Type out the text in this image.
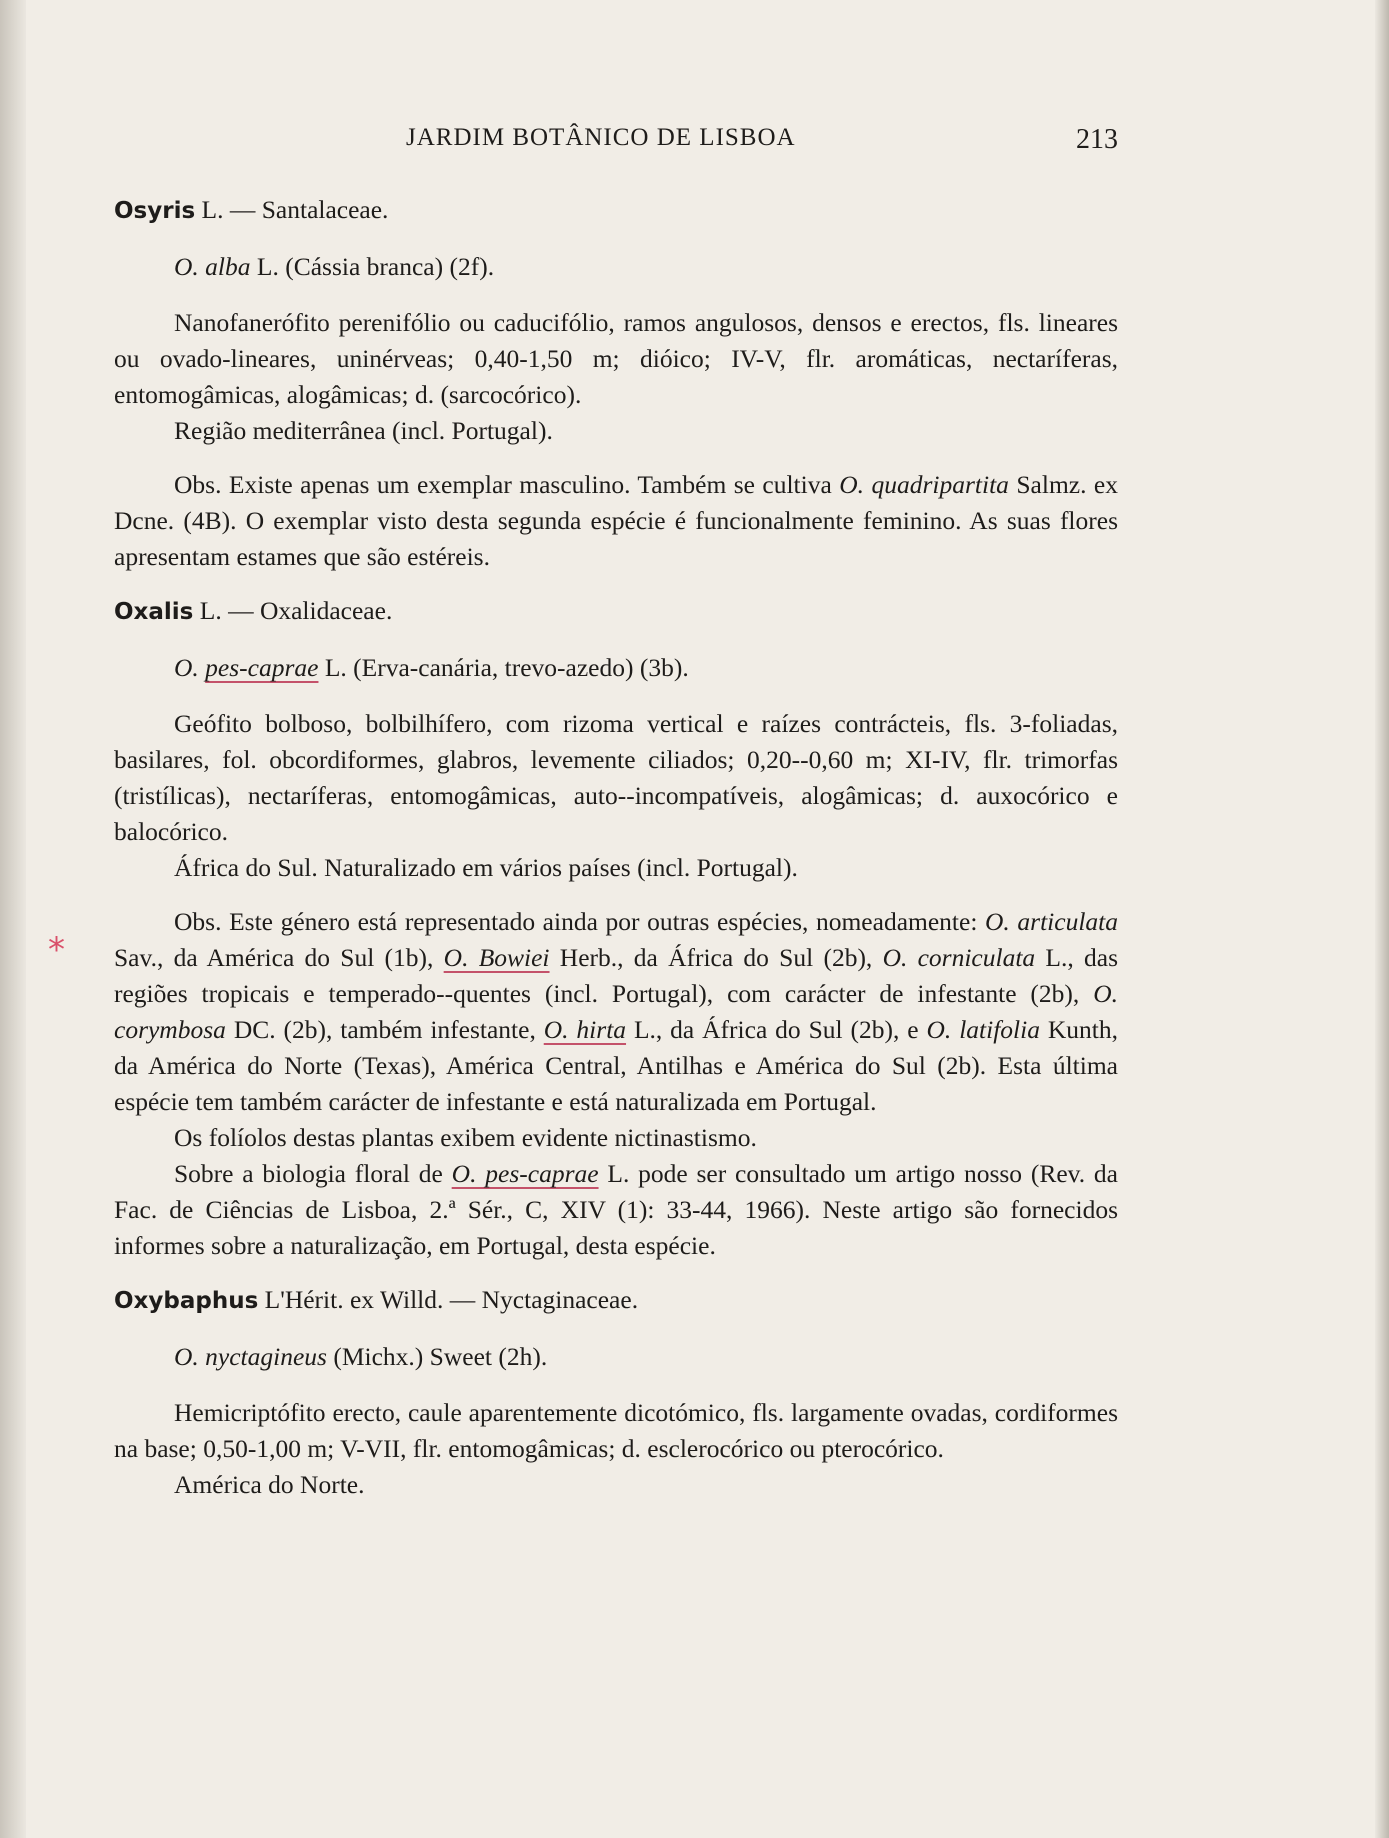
*
JARDIM BOTÂNICO DE LISBOA	213

Osyris L. — Santalaceae.

O. alba L. (Cássia branca) (2f).

Nanofanerófito perenifólio ou caducifólio, ramos angulosos, densos e erectos, fls. lineares ou ovado-lineares, uninérveas; 0,40-1,50 m; dióico; IV-V, flr. aromáticas, nectaríferas, entomogâmicas, alogâmicas; d. (sarcocórico).

Região mediterrânea (incl. Portugal).

Obs. Existe apenas um exemplar masculino. Também se cultiva O. quadripartita Salmz. ex Dcne. (4B). O exemplar visto desta segunda espécie é funcionalmente feminino. As suas flores apresentam estames que são estéreis.

Oxalis L. — Oxalidaceae.

O. pes-caprae L. (Erva-canária, trevo-azedo) (3b).

Geófito bolboso, bolbilhífero, com rizoma vertical e raízes contrácteis, fls. 3-foliadas, basilares, fol. obcordiformes, glabros, levemente ciliados; 0,20--0,60 m; XI-IV, flr. trimorfas (tristílicas), nectaríferas, entomogâmicas, auto--incompatíveis, alogâmicas; d. auxocórico e balocórico.

África do Sul. Naturalizado em vários países (incl. Portugal).

Obs. Este género está representado ainda por outras espécies, nomeadamente: O. articulata Sav., da América do Sul (1b), O. Bowiei Herb., da África do Sul (2b), O. corniculata L., das regiões tropicais e temperado--quentes (incl. Portugal), com carácter de infestante (2b), O. corymbosa DC. (2b), também infestante, O. hirta L., da África do Sul (2b), e O. latifolia Kunth, da América do Norte (Texas), América Central, Antilhas e América do Sul (2b). Esta última espécie tem também carácter de infestante e está naturalizada em Portugal.

Os folíolos destas plantas exibem evidente nictinastismo.

Sobre a biologia floral de O. pes-caprae L. pode ser consultado um artigo nosso (Rev. da Fac. de Ciências de Lisboa, 2.ª Sér., C, XIV (1): 33-44, 1966). Neste artigo são fornecidos informes sobre a naturalização, em Portugal, desta espécie.

Oxybaphus L'Hérit. ex Willd. — Nyctaginaceae.

O. nyctagineus (Michx.) Sweet (2h).

Hemicriptófito erecto, caule aparentemente dicotómico, fls. largamente ovadas, cordiformes na base; 0,50-1,00 m; V-VII, flr. entomogâmicas; d. esclerocórico ou pterocórico.

América do Norte.
